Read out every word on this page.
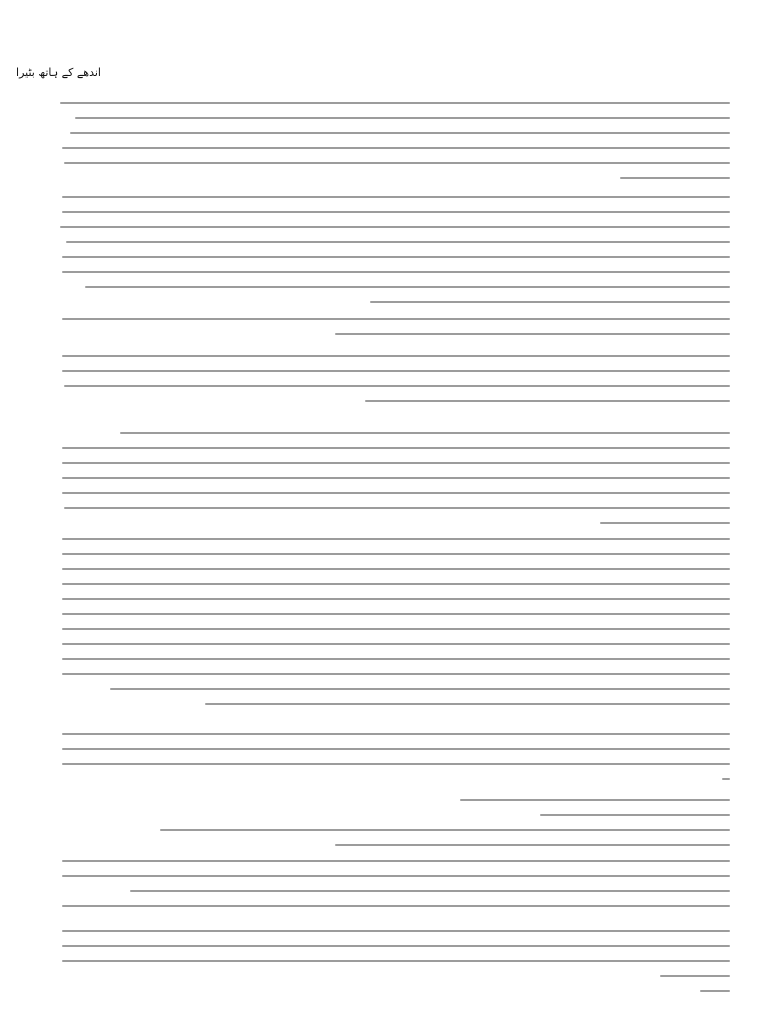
اندھے کے ہاتھ بٹیرا
